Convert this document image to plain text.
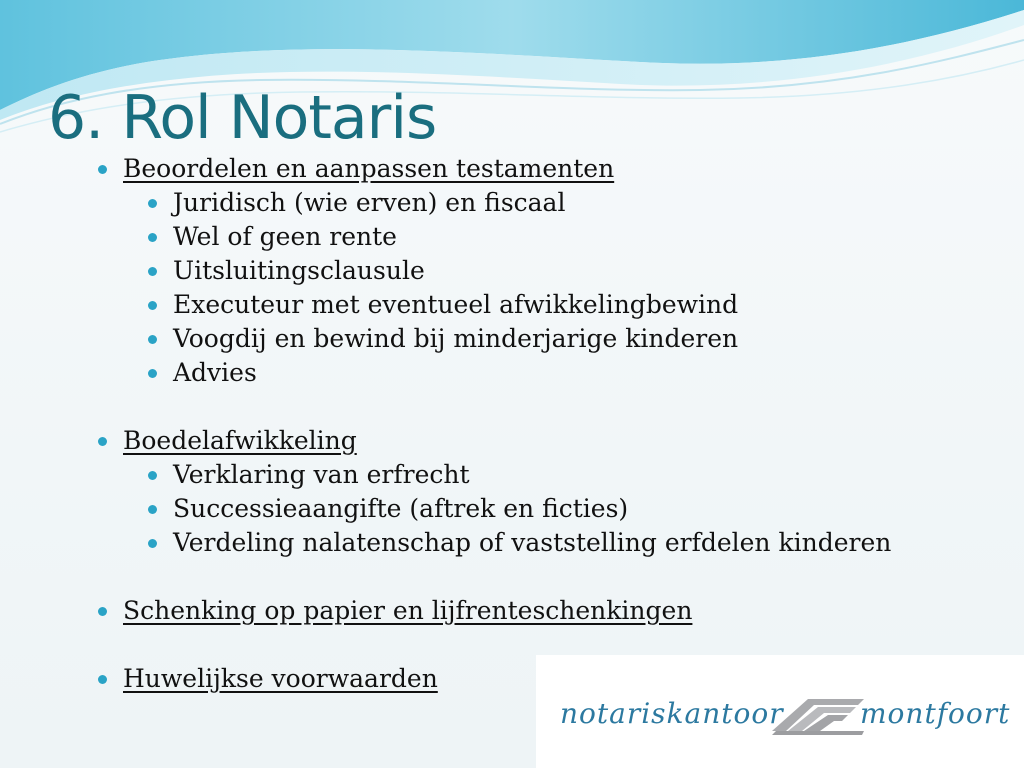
6. Rol Notaris
Beoordelen en aanpassen testamenten
Juridisch (wie erven) en fiscaal
Wel of geen rente
Uitsluitingsclausule
Executeur met eventueel afwikkelingbewind
Voogdij en bewind bij minderjarige kinderen
Advies
Boedelafwikkeling
Verklaring van erfrecht
Successieaangifte (aftrek en ficties)
Verdeling nalatenschap of vaststelling erfdelen kinderen
Schenking op papier en lijfrenteschenkingen
Huwelijkse voorwaarden
notariskantoor	montfoort
